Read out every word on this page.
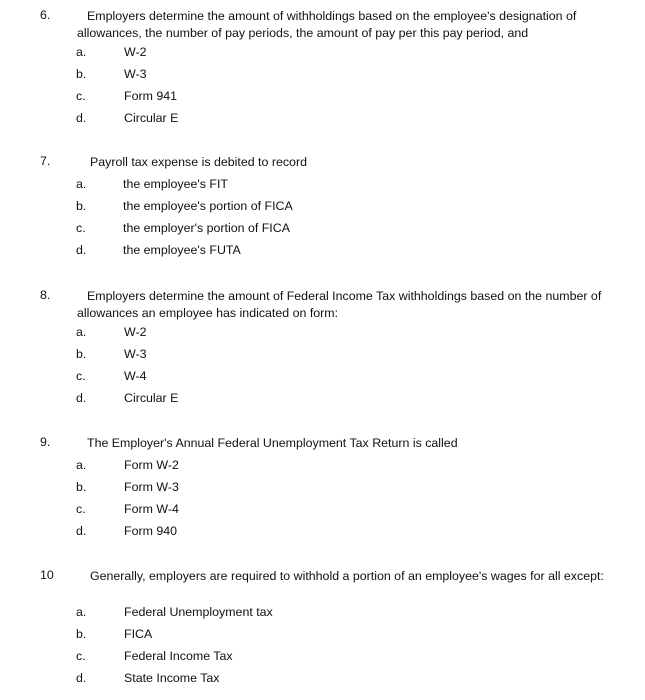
6.	Employers determine the amount of withholdings based on the employee's designation of allowances, the number of pay periods, the amount of pay per this pay period, and
a.	W-2
b.	W-3
c.	Form 941
d.	Circular E
7.	Payroll tax expense is debited to record
a.	the employee's FIT
b.	the employee's portion of FICA
c.	the employer's portion of FICA
d.	the employee's FUTA
8.	Employers determine the amount of Federal Income Tax withholdings based on the number of allowances an employee has indicated on form:
a.	W-2
b.	W-3
c.	W-4
d.	Circular E
9.	The Employer's Annual Federal Unemployment Tax Return is called
a.	Form W-2
b.	Form W-3
c.	Form W-4
d.	Form 940
10	Generally, employers are required to withhold a portion of an employee's wages for all except:
a.	Federal Unemployment tax
b.	FICA
c.	Federal Income Tax
d.	State Income Tax
